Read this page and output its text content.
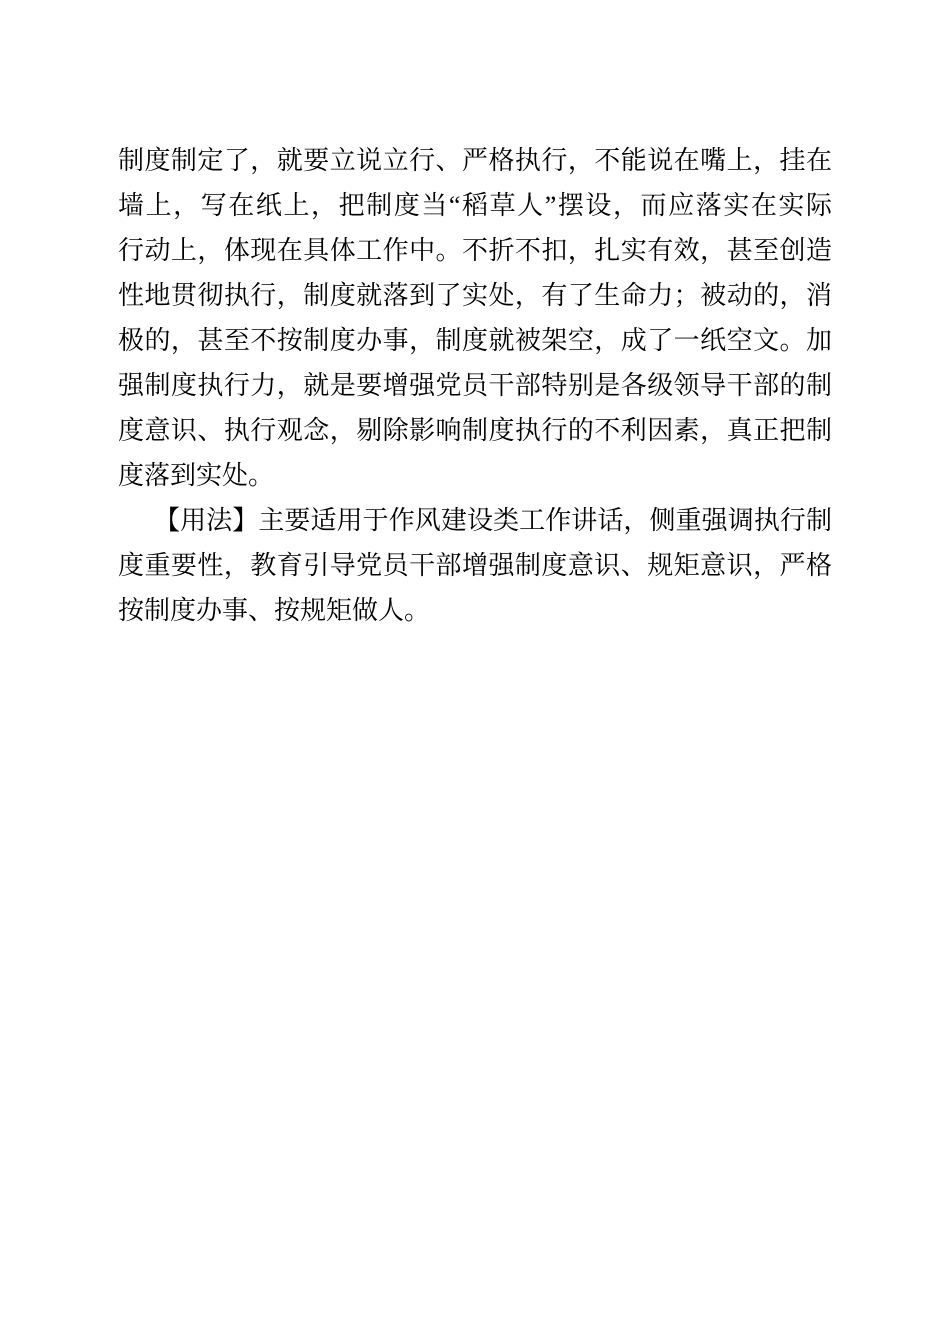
制度制定了，就要立说立行、严格执行，不能说在嘴上，挂在
墙上，写在纸上，把制度当“稻草人”摆设，而应落实在实际
行动上，体现在具体工作中。不折不扣，扎实有效，甚至创造
性地贯彻执行，制度就落到了实处，有了生命力；被动的，消
极的，甚至不按制度办事，制度就被架空，成了一纸空文。加
强制度执行力，就是要增强党员干部特别是各级领导干部的制
度意识、执行观念，剔除影响制度执行的不利因素，真正把制
度落到实处。
【用法】主要适用于作风建设类工作讲话，侧重强调执行制
度重要性，教育引导党员干部增强制度意识、规矩意识，严格
按制度办事、按规矩做人。
